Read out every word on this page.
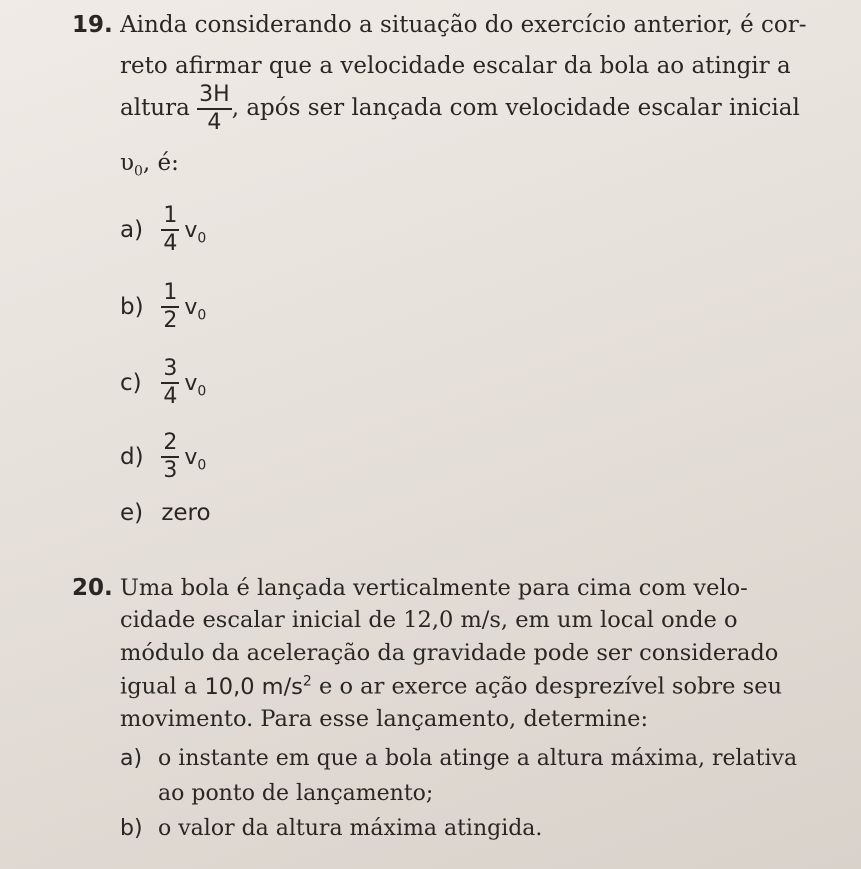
19. Ainda considerando a situação do exercício anterior, é cor-
reto afirmar que a velocidade escalar da bola ao atingir a
altura $\frac{3H}{4}$ , após ser lançada com velocidade escalar inicial
$\upsilon_0$, é:
$a) \frac{1}{4} v_0$
$b) \frac{1}{2} v_0$
$c) \frac{3}{4} v_0$
$d) \frac{2}{3} v_0$
e) zero
20. Uma bola é lançada verticalmente para cima com velo-
cidade escalar inicial de 12,0 m/s, em um local onde o
módulo da aceleração da gravidade pode ser considerado
igual a 10,0 $m/s^2$ e o ar exerce ação desprezível sobre seu
movimento. Para esse lançamento, determine:
a) o instante em que a bola atinge a altura máxima, relativa
ao ponto de lançamento;
b) o valor da altura máxima atingida.
